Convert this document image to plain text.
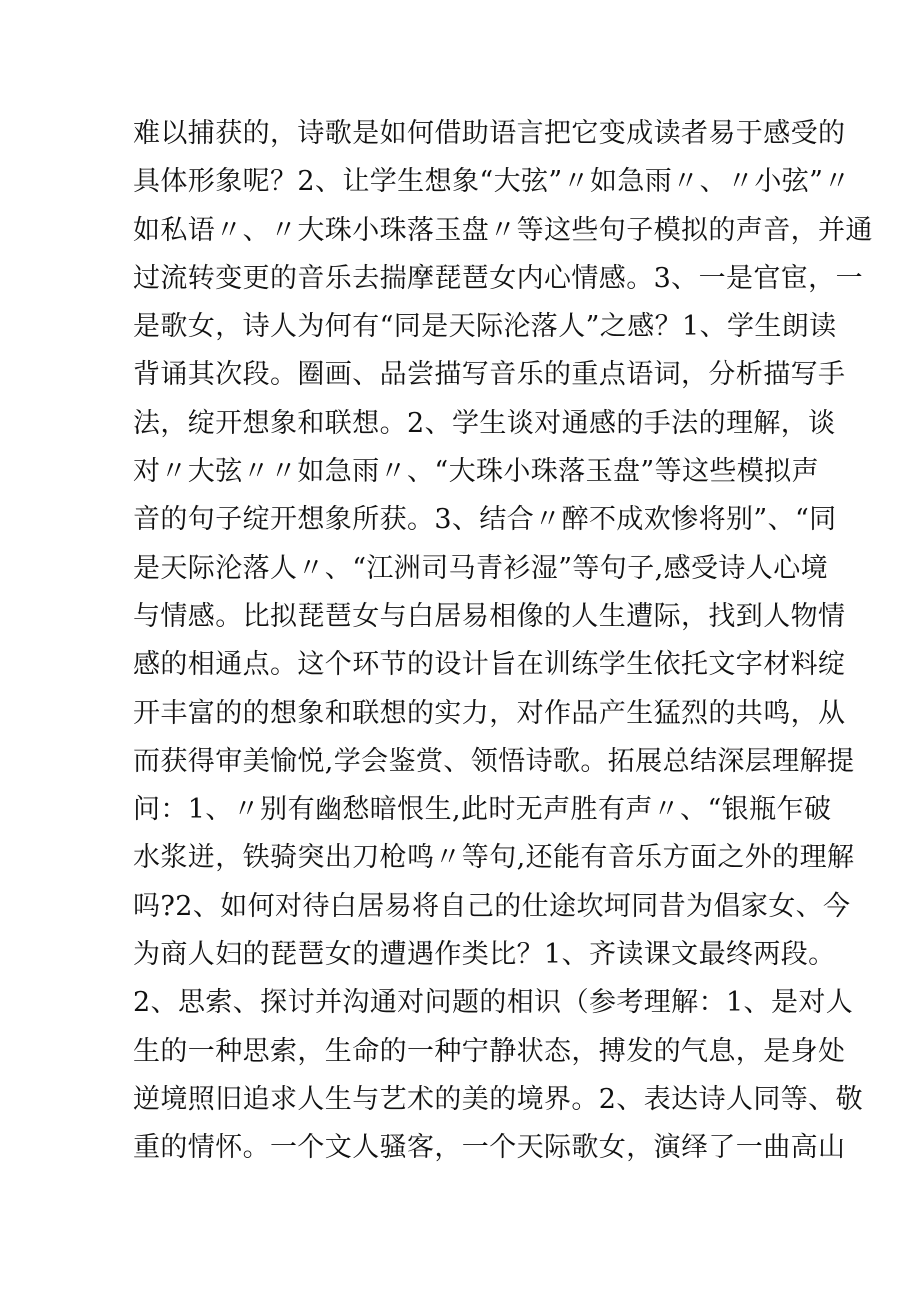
难以捕获的，诗歌是如何借助语言把它变成读者易于感受的
具体形象呢？2、让学生想象“大弦”〃如急雨〃、〃小弦”〃
如私语〃、〃大珠小珠落玉盘〃等这些句子模拟的声音，并通
过流转变更的音乐去揣摩琵琶女内心情感。3、一是官宦，一
是歌女，诗人为何有“同是天际沦落人”之感？1、学生朗读
背诵其次段。圈画、品尝描写音乐的重点语词，分析描写手
法，绽开想象和联想。2、学生谈对通感的手法的理解，谈
对〃大弦〃〃如急雨〃、“大珠小珠落玉盘”等这些模拟声
音的句子绽开想象所获。3、结合〃醉不成欢惨将别”、“同
是天际沦落人〃、“江洲司马青衫湿”等句子,感受诗人心境
与情感。比拟琵琶女与白居易相像的人生遭际，找到人物情
感的相通点。这个环节的设计旨在训练学生依托文字材料绽
开丰富的的想象和联想的实力，对作品产生猛烈的共鸣，从
而获得审美愉悦,学会鉴赏、领悟诗歌。拓展总结深层理解提
问：1、〃别有幽愁暗恨生,此时无声胜有声〃、“银瓶乍破
水浆迸，铁骑突出刀枪鸣〃等句,还能有音乐方面之外的理解
吗?2、如何对待白居易将自己的仕途坎坷同昔为倡家女、今
为商人妇的琵琶女的遭遇作类比？1、齐读课文最终两段。
2、思索、探讨并沟通对问题的相识（参考理解：1、是对人
生的一种思索，生命的一种宁静状态，搏发的气息，是身处
逆境照旧追求人生与艺术的美的境界。2、表达诗人同等、敬
重的情怀。一个文人骚客，一个天际歌女，演绎了一曲高山
